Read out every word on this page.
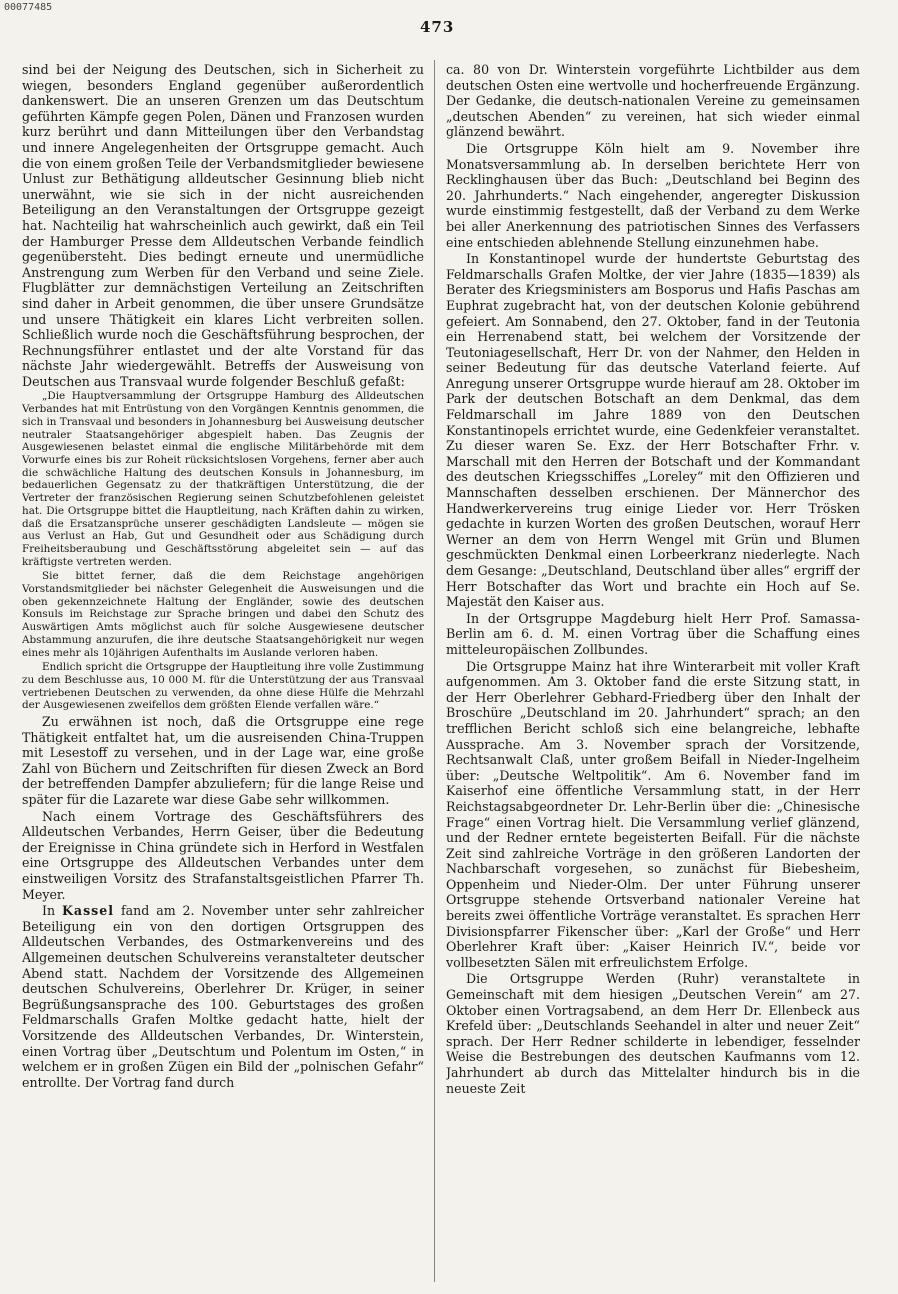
00077485
473

sind bei der Neigung des Deutschen, sich in Sicherheit zu wiegen, besonders England gegenüber außerordentlich dankenswert. Die an unseren Grenzen um das Deutschtum geführten Kämpfe gegen Polen, Dänen und Franzosen wurden kurz berührt und dann Mitteilungen über den Verbandstag und innere Angelegenheiten der Ortsgruppe gemacht. Auch die von einem großen Teile der Verbandsmitglieder bewiesene Unlust zur Bethätigung alldeutscher Gesinnung blieb nicht unerwähnt, wie sie sich in der nicht ausreichenden Beteiligung an den Veranstaltungen der Ortsgruppe gezeigt hat. Nachteilig hat wahrscheinlich auch gewirkt, daß ein Teil der Hamburger Presse dem Alldeutschen Verbande feindlich gegenübersteht. Dies bedingt erneute und unermüdliche Anstrengung zum Werben für den Verband und seine Ziele. Flugblätter zur demnächstigen Verteilung an Zeitschriften sind daher in Arbeit genommen, die über unsere Grundsätze und unsere Thätigkeit ein klares Licht verbreiten sollen. Schließlich wurde noch die Geschäftsführung besprochen, der Rechnungsführer entlastet und der alte Vorstand für das nächste Jahr wiedergewählt. Betreffs der Ausweisung von Deutschen aus Transvaal wurde folgender Beschluß gefaßt:

„Die Hauptversammlung der Ortsgruppe Hamburg des Alldeutschen Verbandes hat mit Entrüstung von den Vorgängen Kenntnis genommen, die sich in Transvaal und besonders in Johannesburg bei Ausweisung deutscher neutraler Staatsangehöriger abgespielt haben. Das Zeugnis der Ausgewiesenen belastet einmal die englische Militärbehörde mit dem Vorwurfe eines bis zur Roheit rücksichtslosen Vorgehens, ferner aber auch die schwächliche Haltung des deutschen Konsuls in Johannesburg, im bedauerlichen Gegensatz zu der thatkräftigen Unterstützung, die der Vertreter der französischen Regierung seinen Schutzbefohlenen geleistet hat. Die Ortsgruppe bittet die Hauptleitung, nach Kräften dahin zu wirken, daß die Ersatzansprüche unserer geschädigten Landsleute — mögen sie aus Verlust an Hab, Gut und Gesundheit oder aus Schädigung durch Freiheitsberaubung und Geschäftsstörung abgeleitet sein — auf das kräftigste vertreten werden.

Sie bittet ferner, daß die dem Reichstage angehörigen Vorstandsmitglieder bei nächster Gelegenheit die Ausweisungen und die oben gekennzeichnete Haltung der Engländer, sowie des deutschen Konsuls im Reichstage zur Sprache bringen und dabei den Schutz des Auswärtigen Amts möglichst auch für solche Ausgewiesene deutscher Abstammung anzurufen, die ihre deutsche Staatsangehörigkeit nur wegen eines mehr als 10jährigen Aufenthalts im Auslande verloren haben.

Endlich spricht die Ortsgruppe der Hauptleitung ihre volle Zustimmung zu dem Beschlusse aus, 10 000 M. für die Unterstützung der aus Transvaal vertriebenen Deutschen zu verwenden, da ohne diese Hülfe die Mehrzahl der Ausgewiesenen zweifellos dem größten Elende verfallen wäre.“

Zu erwähnen ist noch, daß die Ortsgruppe eine rege Thätigkeit entfaltet hat, um die ausreisenden China-Truppen mit Lesestoff zu versehen, und in der Lage war, eine große Zahl von Büchern und Zeitschriften für diesen Zweck an Bord der betreffenden Dampfer abzuliefern; für die lange Reise und später für die Lazarete war diese Gabe sehr willkommen.

Nach einem Vortrage des Geschäftsführers des Alldeutschen Verbandes, Herrn Geiser, über die Bedeutung der Ereignisse in China gründete sich in Herford in Westfalen eine Ortsgruppe des Alldeutschen Verbandes unter dem einstweiligen Vorsitz des Strafanstaltsgeistlichen Pfarrer Th. Meyer.

In Kassel fand am 2. November unter sehr zahlreicher Beteiligung ein von den dortigen Ortsgruppen des Alldeutschen Verbandes, des Ostmarkenvereins und des Allgemeinen deutschen Schulvereins veranstalteter deutscher Abend statt. Nachdem der Vorsitzende des Allgemeinen deutschen Schulvereins, Oberlehrer Dr. Krüger, in seiner Begrüßungsansprache des 100. Geburtstages des großen Feldmarschalls Grafen Moltke gedacht hatte, hielt der Vorsitzende des Alldeutschen Verbandes, Dr. Winterstein, einen Vortrag über „Deutschtum und Polentum im Osten,“ in welchem er in großen Zügen ein Bild der „polnischen Gefahr“ entrollte. Der Vortrag fand durch

ca. 80 von Dr. Winterstein vorgeführte Lichtbilder aus dem deutschen Osten eine wertvolle und hocherfreuende Ergänzung. Der Gedanke, die deutsch-nationalen Vereine zu gemeinsamen „deutschen Abenden“ zu vereinen, hat sich wieder einmal glänzend bewährt.

Die Ortsgruppe Köln hielt am 9. November ihre Monatsversammlung ab. In derselben berichtete Herr von Recklinghausen über das Buch: „Deutschland bei Beginn des 20. Jahrhunderts.“ Nach eingehender, angeregter Diskussion wurde einstimmig festgestellt, daß der Verband zu dem Werke bei aller Anerkennung des patriotischen Sinnes des Verfassers eine entschieden ablehnende Stellung einzunehmen habe.

In Konstantinopel wurde der hundertste Geburtstag des Feldmarschalls Grafen Moltke, der vier Jahre (1835—1839) als Berater des Kriegsministers am Bosporus und Hafis Paschas am Euphrat zugebracht hat, von der deutschen Kolonie gebührend gefeiert. Am Sonnabend, den 27. Oktober, fand in der Teutonia ein Herrenabend statt, bei welchem der Vorsitzende der Teutoniagesellschaft, Herr Dr. von der Nahmer, den Helden in seiner Bedeutung für das deutsche Vaterland feierte. Auf Anregung unserer Ortsgruppe wurde hierauf am 28. Oktober im Park der deutschen Botschaft an dem Denkmal, das dem Feldmarschall im Jahre 1889 von den Deutschen Konstantinopels errichtet wurde, eine Gedenkfeier veranstaltet. Zu dieser waren Se. Exz. der Herr Botschafter Frhr. v. Marschall mit den Herren der Botschaft und der Kommandant des deutschen Kriegsschiffes „Loreley“ mit den Offizieren und Mannschaften desselben erschienen. Der Männerchor des Handwerkervereins trug einige Lieder vor. Herr Trösken gedachte in kurzen Worten des großen Deutschen, worauf Herr Werner an dem von Herrn Wengel mit Grün und Blumen geschmückten Denkmal einen Lorbeerkranz niederlegte. Nach dem Gesange: „Deutschland, Deutschland über alles“ ergriff der Herr Botschafter das Wort und brachte ein Hoch auf Se. Majestät den Kaiser aus.

In der Ortsgruppe Magdeburg hielt Herr Prof. Samassa-Berlin am 6. d. M. einen Vortrag über die Schaffung eines mitteleuropäischen Zollbundes.

Die Ortsgruppe Mainz hat ihre Winterarbeit mit voller Kraft aufgenommen. Am 3. Oktober fand die erste Sitzung statt, in der Herr Oberlehrer Gebhard-Friedberg über den Inhalt der Broschüre „Deutschland im 20. Jahrhundert“ sprach; an den trefflichen Bericht schloß sich eine belangreiche, lebhafte Aussprache. Am 3. November sprach der Vorsitzende, Rechtsanwalt Claß, unter großem Beifall in Nieder-Ingelheim über: „Deutsche Weltpolitik“. Am 6. November fand im Kaiserhof eine öffentliche Versammlung statt, in der Herr Reichstagsabgeordneter Dr. Lehr-Berlin über die: „Chinesische Frage“ einen Vortrag hielt. Die Versammlung verlief glänzend, und der Redner erntete begeisterten Beifall. Für die nächste Zeit sind zahlreiche Vorträge in den größeren Landorten der Nachbarschaft vorgesehen, so zunächst für Biebesheim, Oppenheim und Nieder-Olm. Der unter Führung unserer Ortsgruppe stehende Ortsverband nationaler Vereine hat bereits zwei öffentliche Vorträge veranstaltet. Es sprachen Herr Divisionspfarrer Fikenscher über: „Karl der Große“ und Herr Oberlehrer Kraft über: „Kaiser Heinrich IV.“, beide vor vollbesetzten Sälen mit erfreulichstem Erfolge.

Die Ortsgruppe Werden (Ruhr) veranstaltete in Gemeinschaft mit dem hiesigen „Deutschen Verein“ am 27. Oktober einen Vortragsabend, an dem Herr Dr. Ellenbeck aus Krefeld über: „Deutschlands Seehandel in alter und neuer Zeit“ sprach. Der Herr Redner schilderte in lebendiger, fesselnder Weise die Bestrebungen des deutschen Kaufmanns vom 12. Jahrhundert ab durch das Mittelalter hindurch bis in die neueste Zeit
